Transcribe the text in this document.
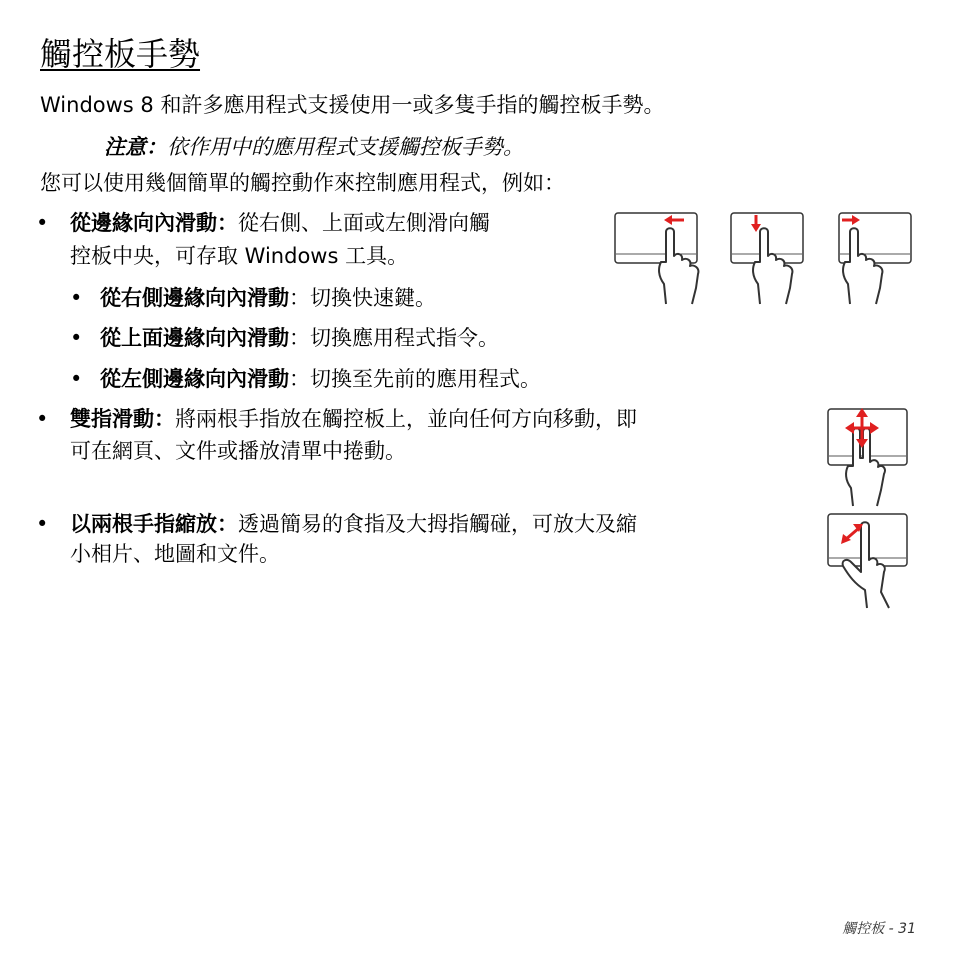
觸控板手勢
Windows 8 和許多應用程式支援使用一或多隻手指的觸控板手勢。
注意：依作用中的應用程式支援觸控板手勢。
您可以使用幾個簡單的觸控動作來控制應用程式，例如：
• 從邊緣向內滑動：從右側、上面或左側滑向觸
控板中央，可存取 Windows 工具。
• 從右側邊緣向內滑動：切換快速鍵。
• 從上面邊緣向內滑動：切換應用程式指令。
• 從左側邊緣向內滑動：切換至先前的應用程式。
• 雙指滑動：將兩根手指放在觸控板上，並向任何方向移動，即
可在網頁、文件或播放清單中捲動。
• 以兩根手指縮放：透過簡易的食指及大拇指觸碰，可放大及縮
小相片、地圖和文件。
觸控板 - 31
